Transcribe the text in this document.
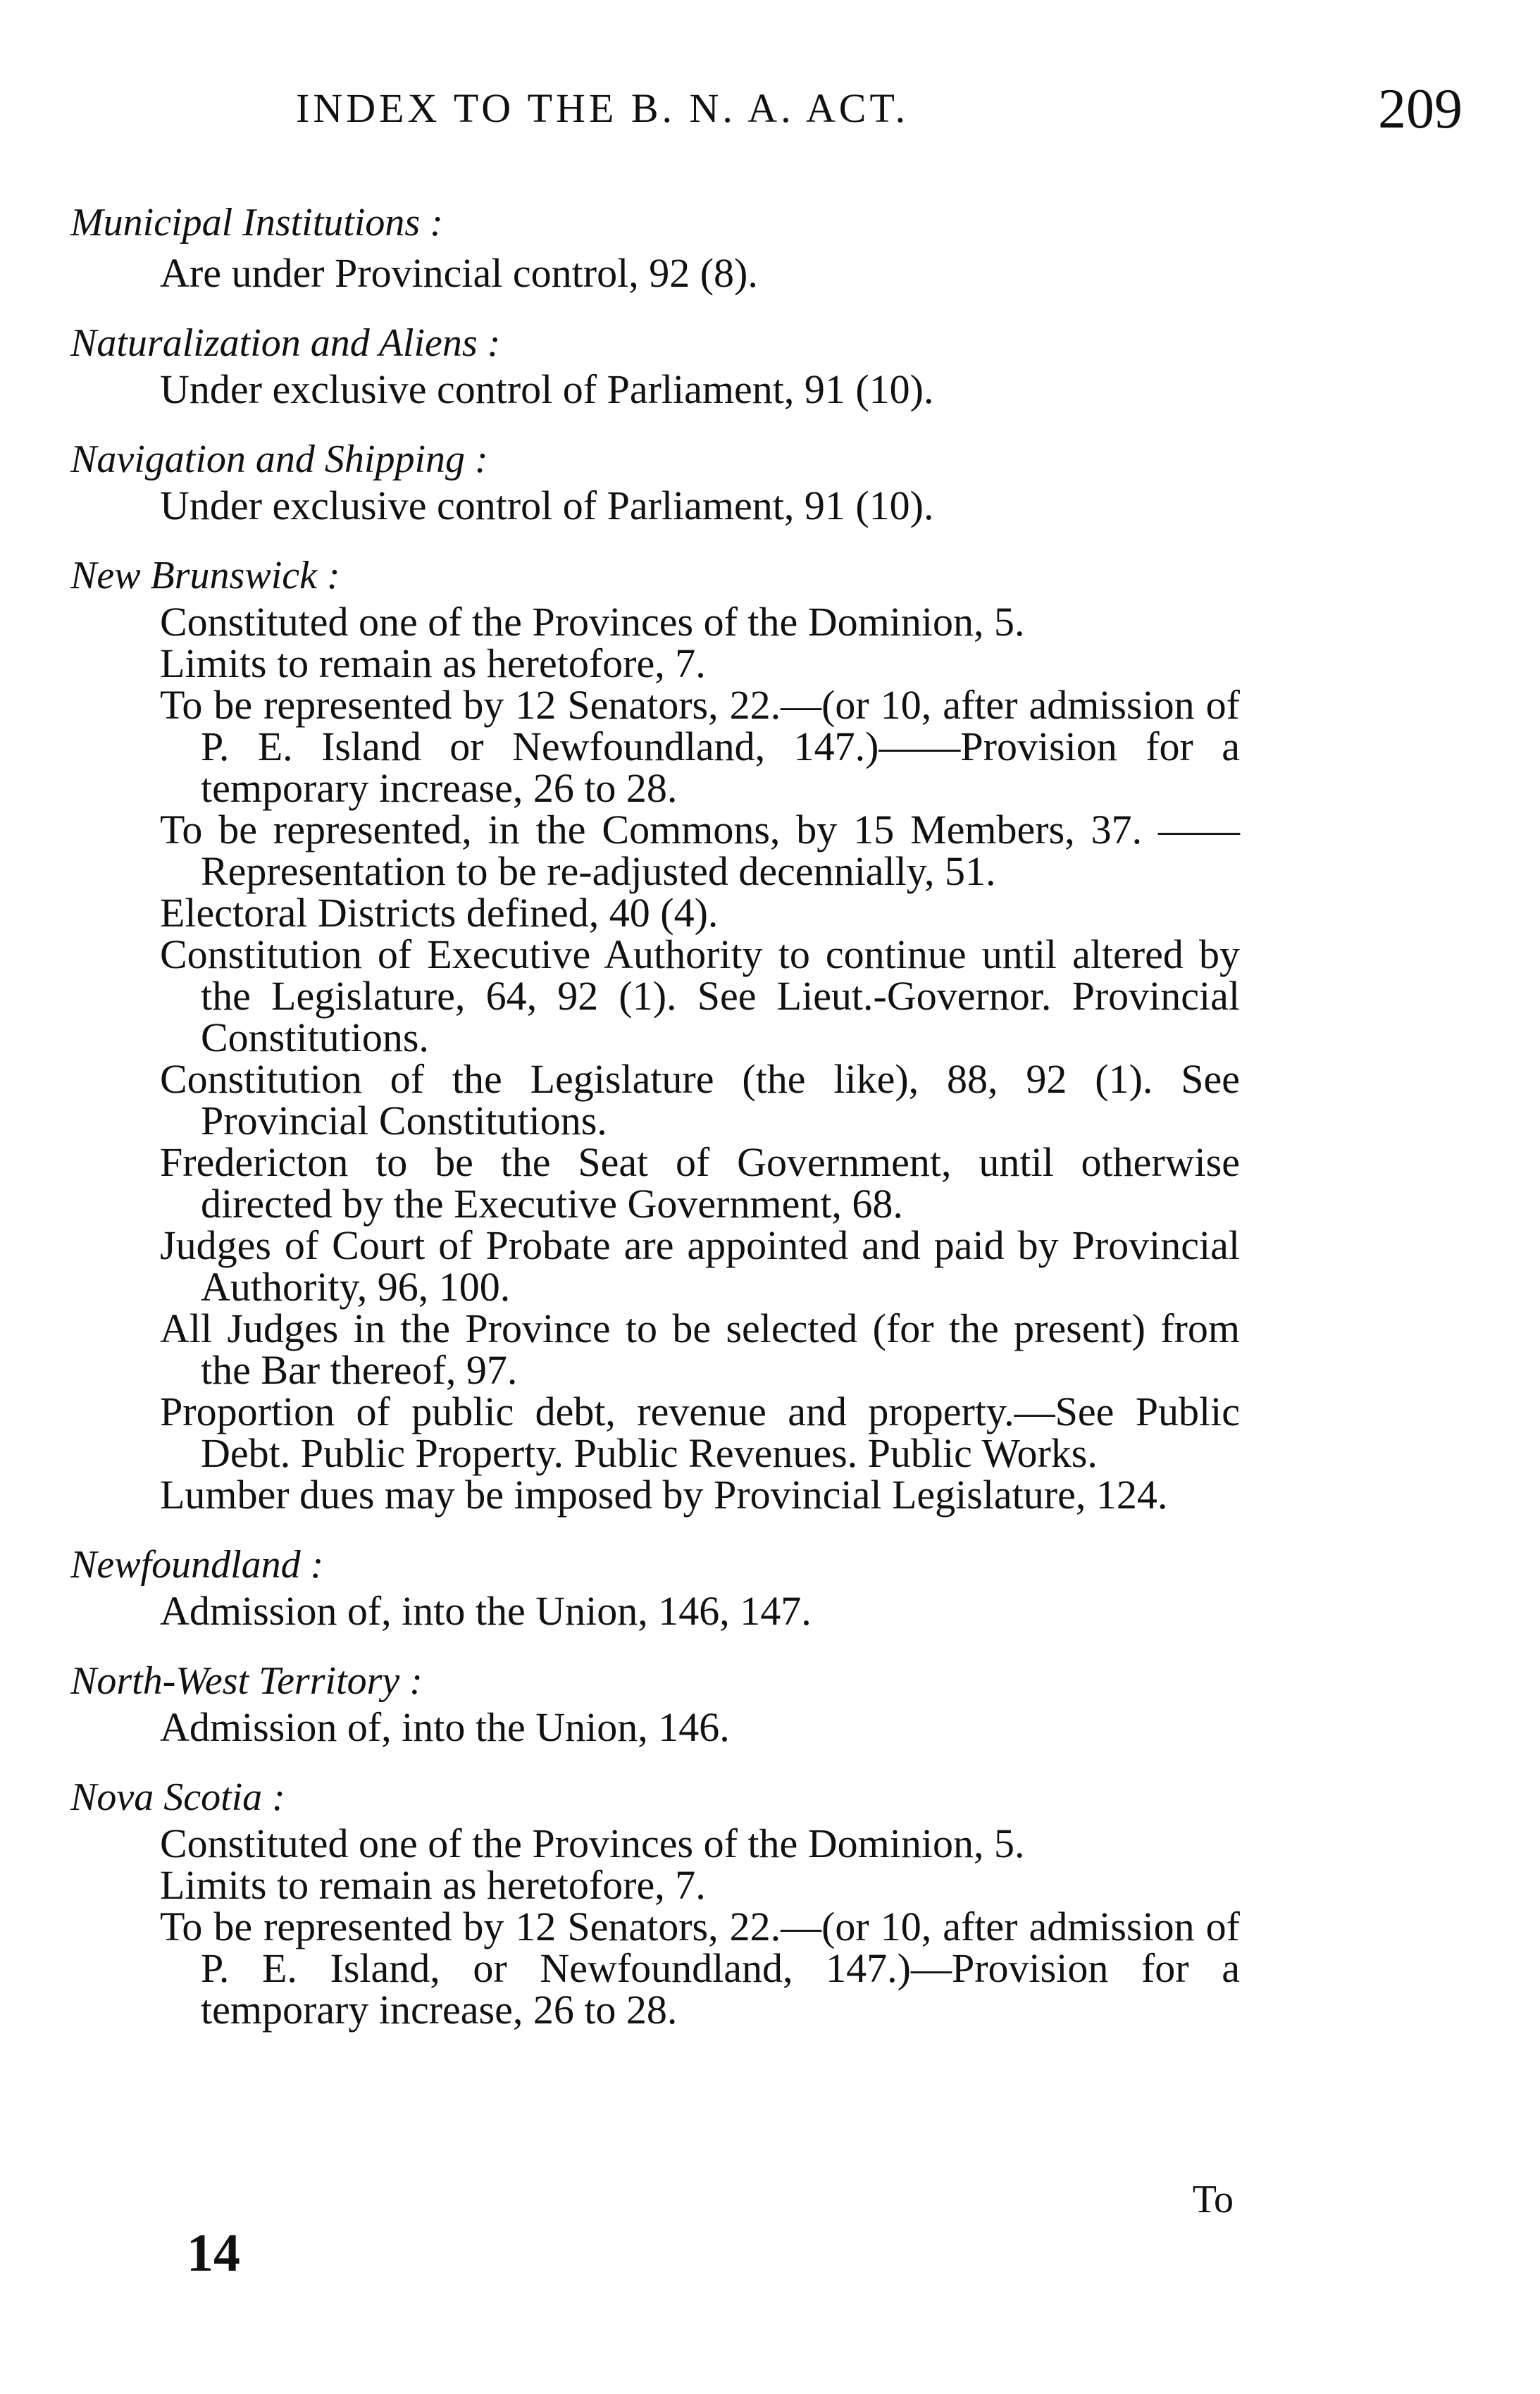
INDEX TO THE B. N. A. ACT.	209

Municipal Institutions :

Are under Provincial control, 92 (8).

Naturalization and Aliens :

Under exclusive control of Parliament, 91 (10).

Navigation and Shipping :

Under exclusive control of Parliament, 91 (10).

New Brunswick :

Constituted one of the Provinces of the Dominion, 5.

Limits to remain as heretofore, 7.

To be represented by 12 Senators, 22.—(or 10, after admission of P. E. Island or Newfoundland, 147.)——Provision for a temporary increase, 26 to 28.

To be represented, in the Commons, by 15 Members, 37. ——Representation to be re-adjusted decennially, 51.

Electoral Districts defined, 40 (4).

Constitution of Executive Authority to continue until altered by the Legislature, 64, 92 (1). See Lieut.-Governor. Provincial Constitutions.

Constitution of the Legislature (the like), 88, 92 (1). See Provincial Constitutions.

Fredericton to be the Seat of Government, until otherwise directed by the Executive Government, 68.

Judges of Court of Probate are appointed and paid by Provincial Authority, 96, 100.

All Judges in the Province to be selected (for the present) from the Bar thereof, 97.

Proportion of public debt, revenue and property.—See Public Debt. Public Property. Public Revenues. Public Works.

Lumber dues may be imposed by Provincial Legislature, 124.

Newfoundland :

Admission of, into the Union, 146, 147.

North-West Territory :

Admission of, into the Union, 146.

Nova Scotia :

Constituted one of the Provinces of the Dominion, 5.

Limits to remain as heretofore, 7.

To be represented by 12 Senators, 22.—(or 10, after admission of P. E. Island, or Newfoundland, 147.)—Provision for a temporary increase, 26 to 28.

To
14
